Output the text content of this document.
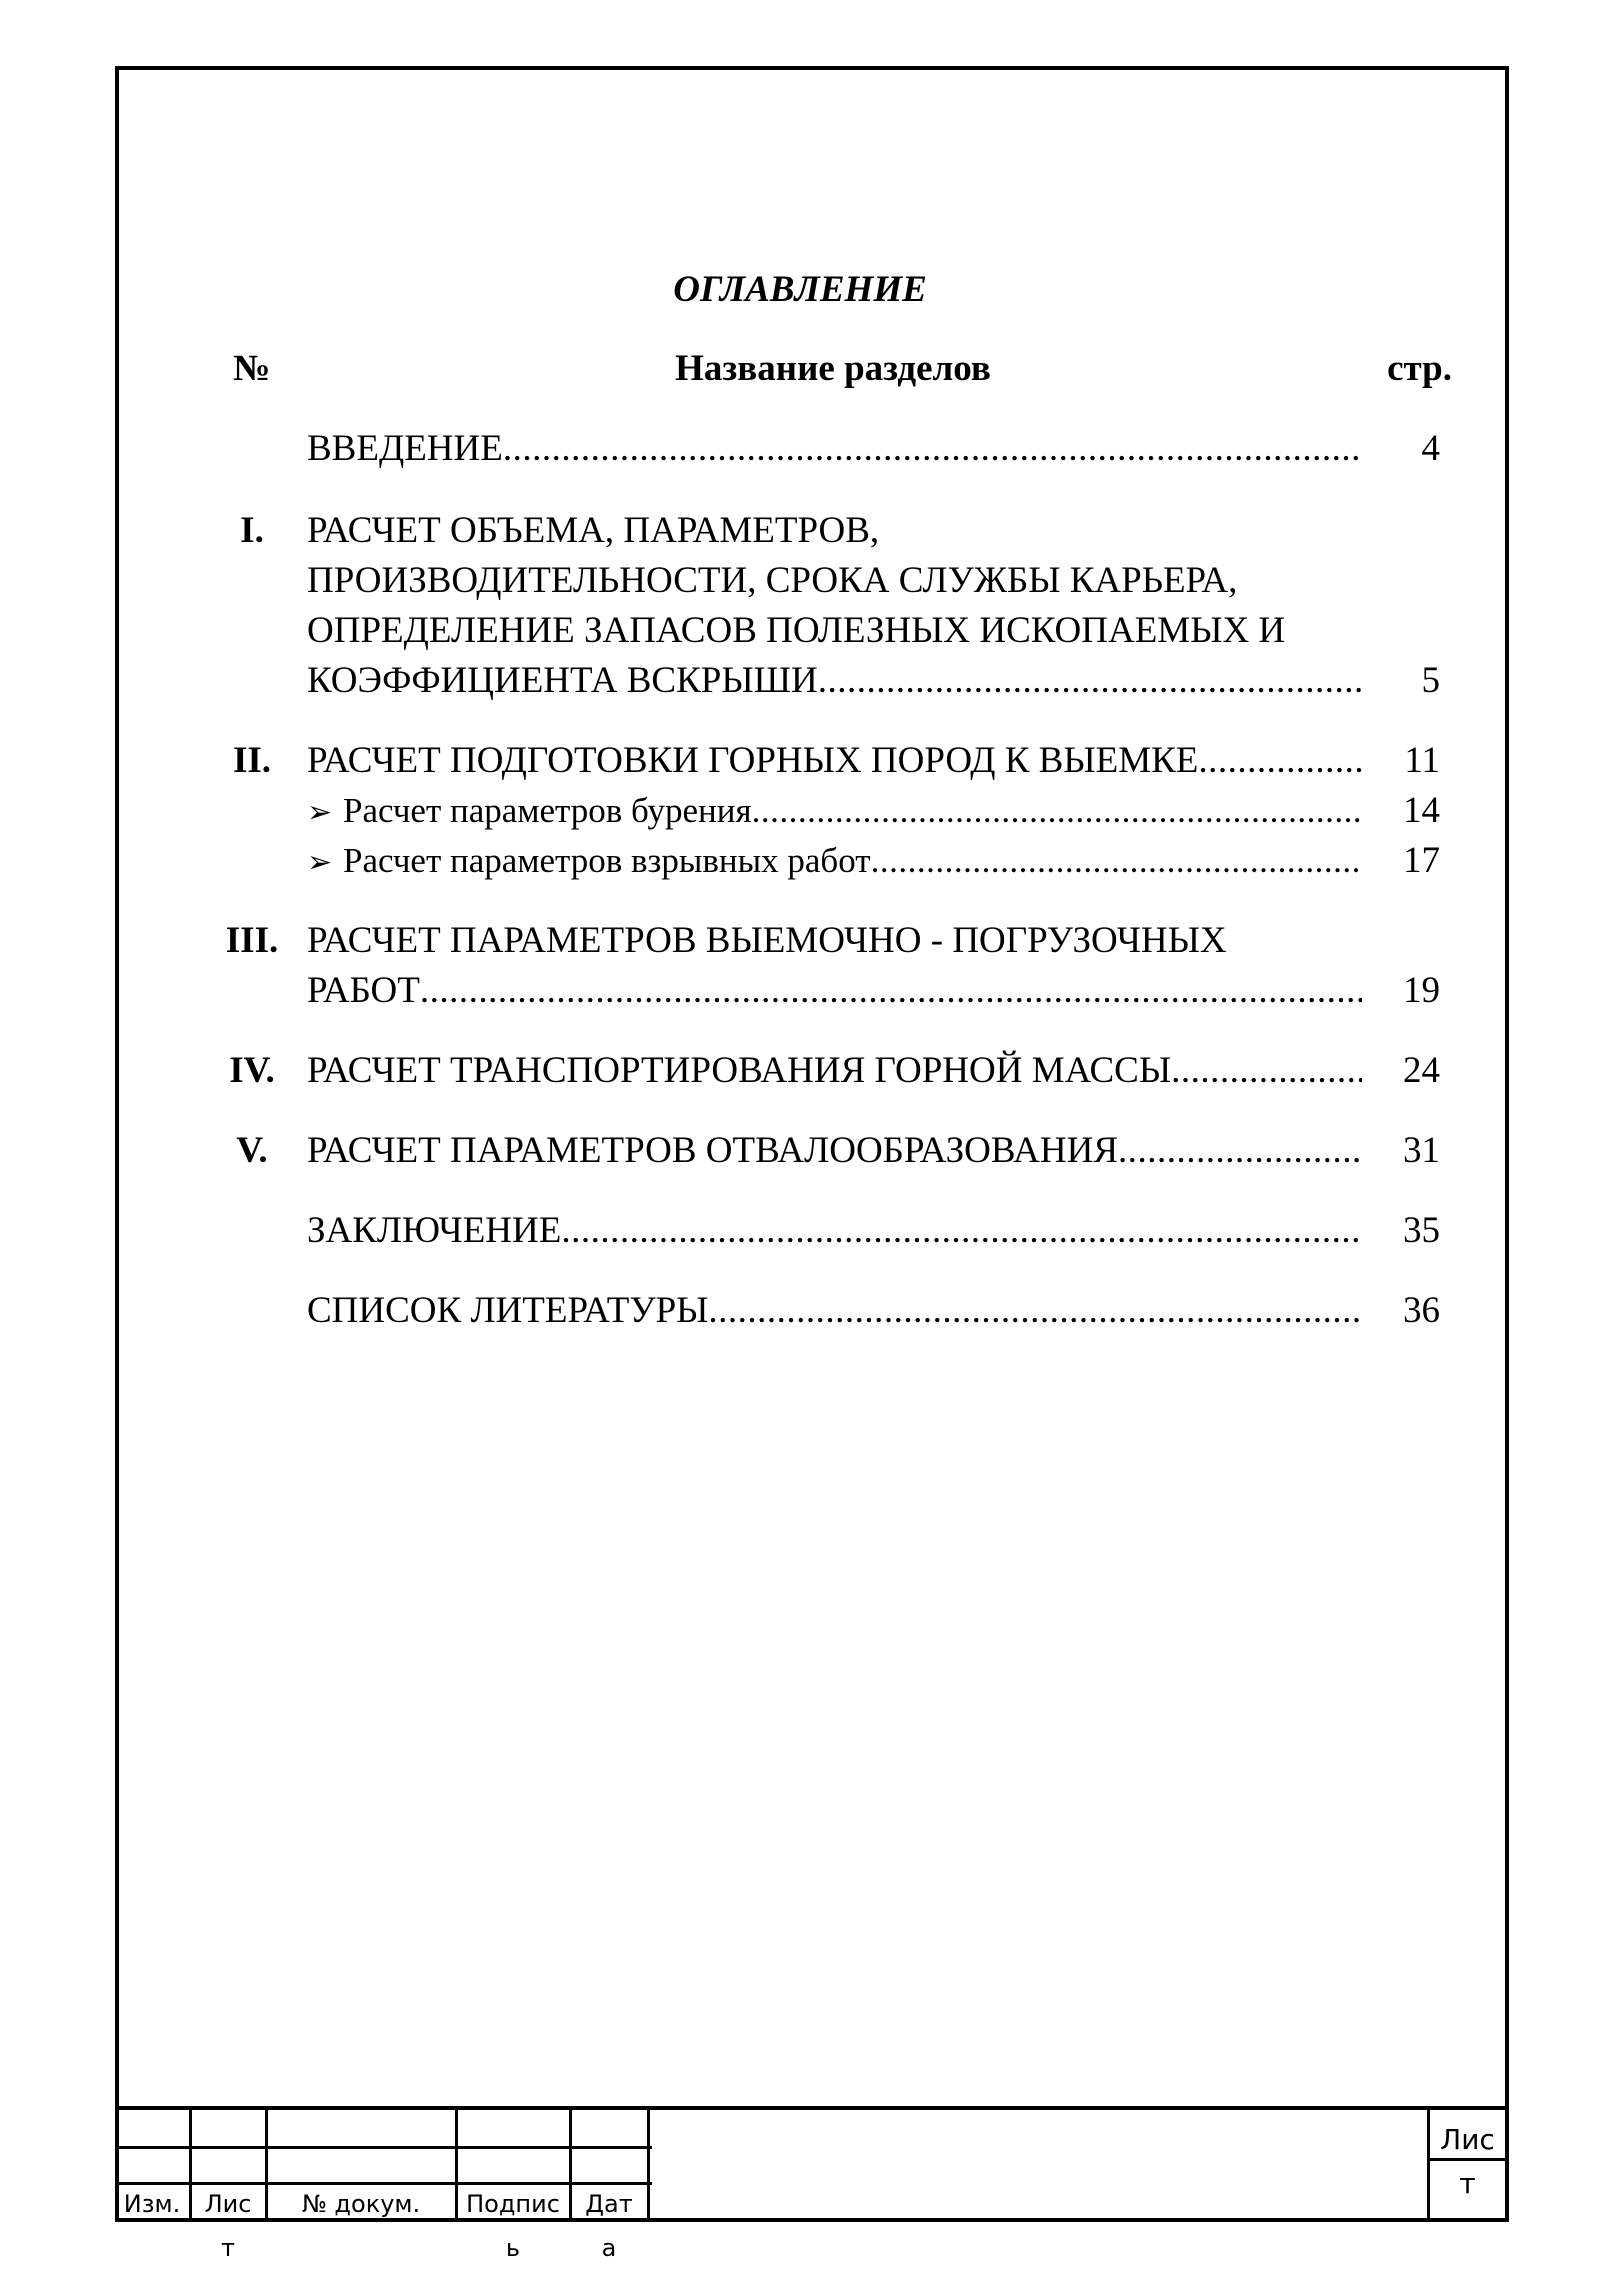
ОГЛАВЛЕНИЕ
№	Название разделов	стр.
ВВЕДЕНИЕ .....	4
I.	РАСЧЕТ ОБЪЕМА, ПАРАМЕТРОВ,
ПРОИЗВОДИТЕЛЬНОСТИ, СРОКА СЛУЖБЫ КАРЬЕРА,
ОПРЕДЕЛЕНИЕ ЗАПАСОВ ПОЛЕЗНЫХ ИСКОПАЕМЫХ И
КОЭФФИЦИЕНТА ВСКРЫШИ .....	5
II. РАСЧЕТ ПОДГОТОВКИ ГОРНЫХ ПОРОД К ВЫЕМКЕ .....	11
➢ Расчет параметров бурения .....	14
➢ Расчет параметров взрывных работ .....	17
III. РАСЧЕТ ПАРАМЕТРОВ ВЫЕМОЧНО - ПОГРУЗОЧНЫХ
РАБОТ .....	19
IV. РАСЧЕТ ТРАНСПОРТИРОВАНИЯ ГОРНОЙ МАССЫ .....	24
V.	РАСЧЕТ ПАРАМЕТРОВ ОТВАЛООБРАЗОВАНИЯ .....	31
ЗАКЛЮЧЕНИЕ .....	35
СПИСОК ЛИТЕРАТУРЫ .....	36
Изм.	Лис
т
№ докум.	Подпис
ь
Дат
а
Лис
т
